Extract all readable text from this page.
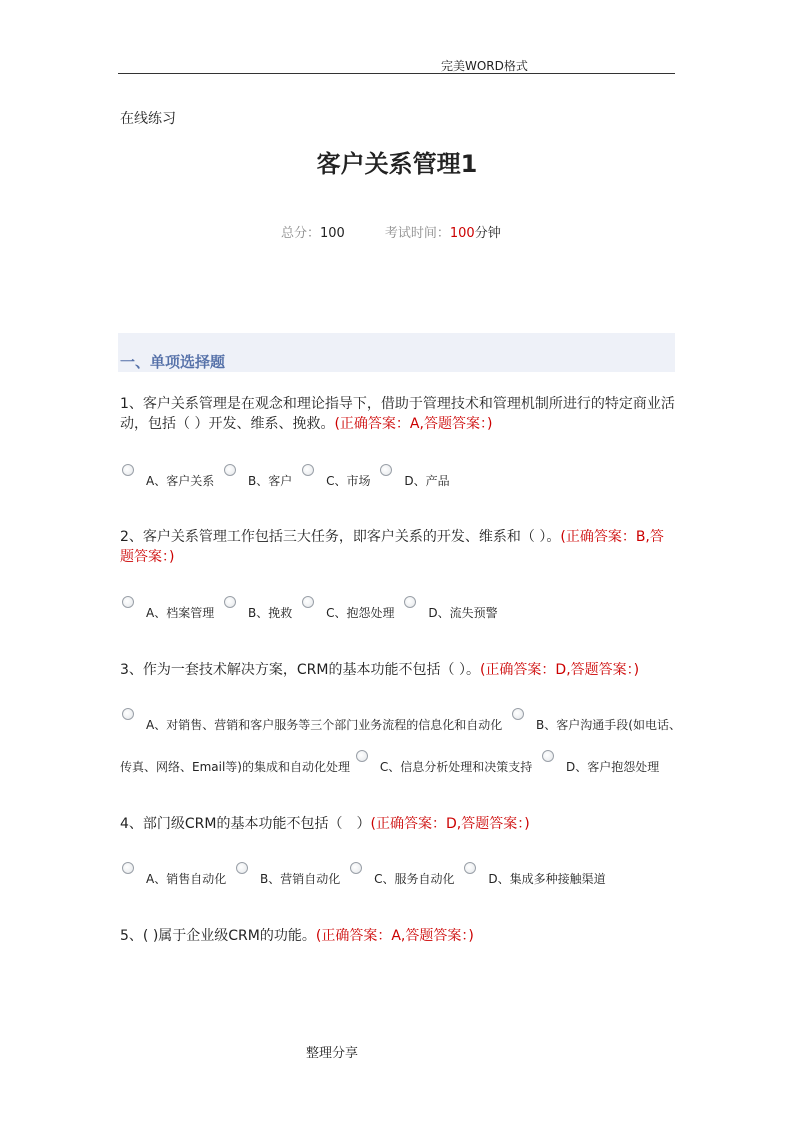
完美WORD格式
在线练习
客户关系管理1
总分：100	考试时间：100分钟
一、单项选择题
1、客户关系管理是在观念和理论指导下，借助于管理技术和管理机制所进行的特定商业活动，包括（ ）开发、维系、挽救。(正确答案：A,答题答案：)
A、客户关系	B、客户	C、市场	D、产品
2、客户关系管理工作包括三大任务，即客户关系的开发、维系和（ ）。(正确答案：B,答题答案：)
A、档案管理	B、挽救	C、抱怨处理	D、流失预警
3、作为一套技术解决方案，CRM的基本功能不包括（ ）。(正确答案：D,答题答案：)
A、对销售、营销和客户服务等三个部门业务流程的信息化和自动化	B、客户沟通手段(如电话、
传真、网络、Email等)的集成和自动化处理 C、信息分析处理和决策支持	D、客户抱怨处理
4、部门级CRM的基本功能不包括（　）(正确答案：D,答题答案：)
A、销售自动化	B、营销自动化	C、服务自动化	D、集成多种接触渠道
5、( )属于企业级CRM的功能。(正确答案：A,答题答案：)
整理分享
